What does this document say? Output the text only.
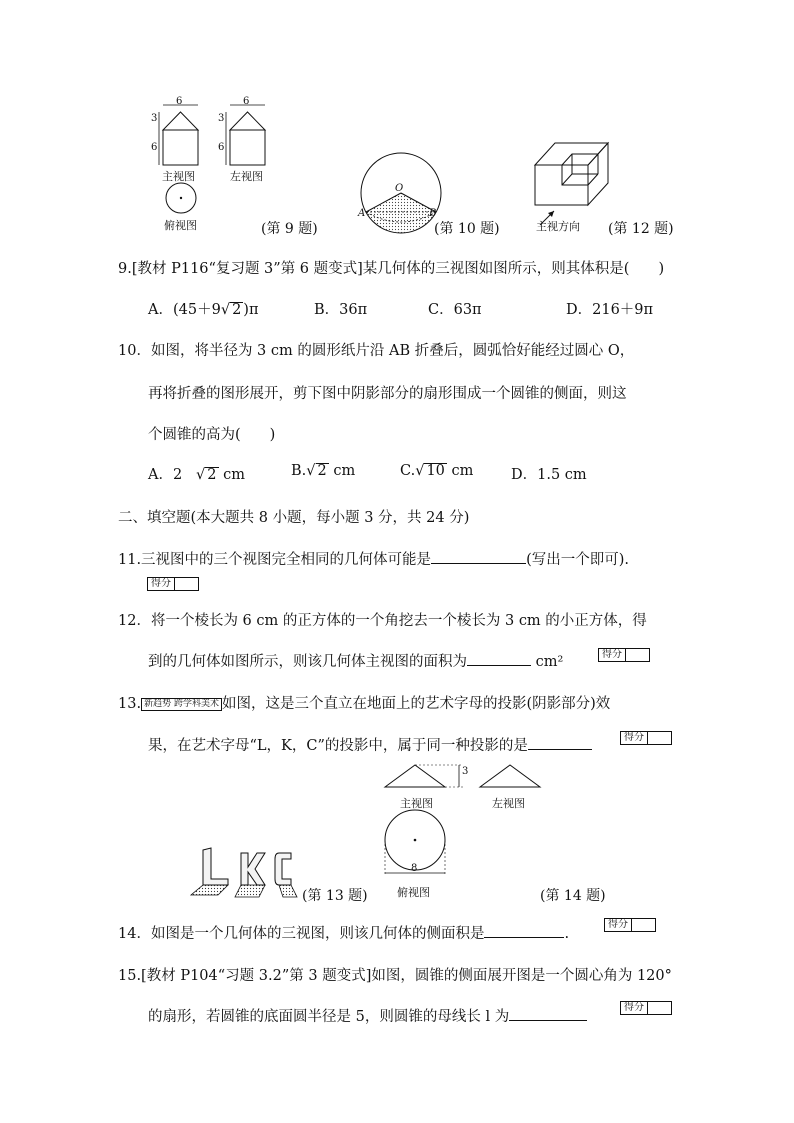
6	6
3
6
3
6
主视图	左视图
俯视图	(第 9 题)
O
A	B
(第 10 题)	主视方向 (第 12 题)
9.[教材 P116“复习题 3”第 6 题变式]某几何体的三视图如图所示，则其体积是(　　)
A．(45＋9√ 2 )π	B．36π	C．63π	D．216＋9π
10．如图，将半径为 3 cm 的圆形纸片沿 AB 折叠后，圆弧恰好能经过圆心 O，
再将折叠的图形展开，剪下图中阴影部分的扇形围成一个圆锥的侧面，则这
个圆锥的高为(　　)
A．2 √ 2 cm	B.√ 2 cm	C.√ 10 cm	D．1.5 cm
二、填空题(本大题共 8 小题，每小题 3 分，共 24 分)
11.三视图中的三个视图完全相同的几何体可能是	(写出一个即可).
得分
12．将一个棱长为 6 cm 的正方体的一个角挖去一个棱长为 3 cm 的小正方体，得
到的几何体如图所示，则该几何体主视图的面积为	cm²	得分
13. 新趋势 跨学科美术 如图，这是三个直立在地面上的艺术字母的投影(阴影部分)效
果，在艺术字母“L，K，C”的投影中，属于同一种投影的是
得分
(第 13 题)
3
主视图	左视图
8
俯视图	(第 14 题)
14．如图是一个几何体的三视图，则该几何体的侧面积是	.
得分
15.[教材 P104“习题 3.2”第 3 题变式]如图，圆锥的侧面展开图是一个圆心角为 120°
的扇形，若圆锥的底面圆半径是 5，则圆锥的母线长 l 为
得分
